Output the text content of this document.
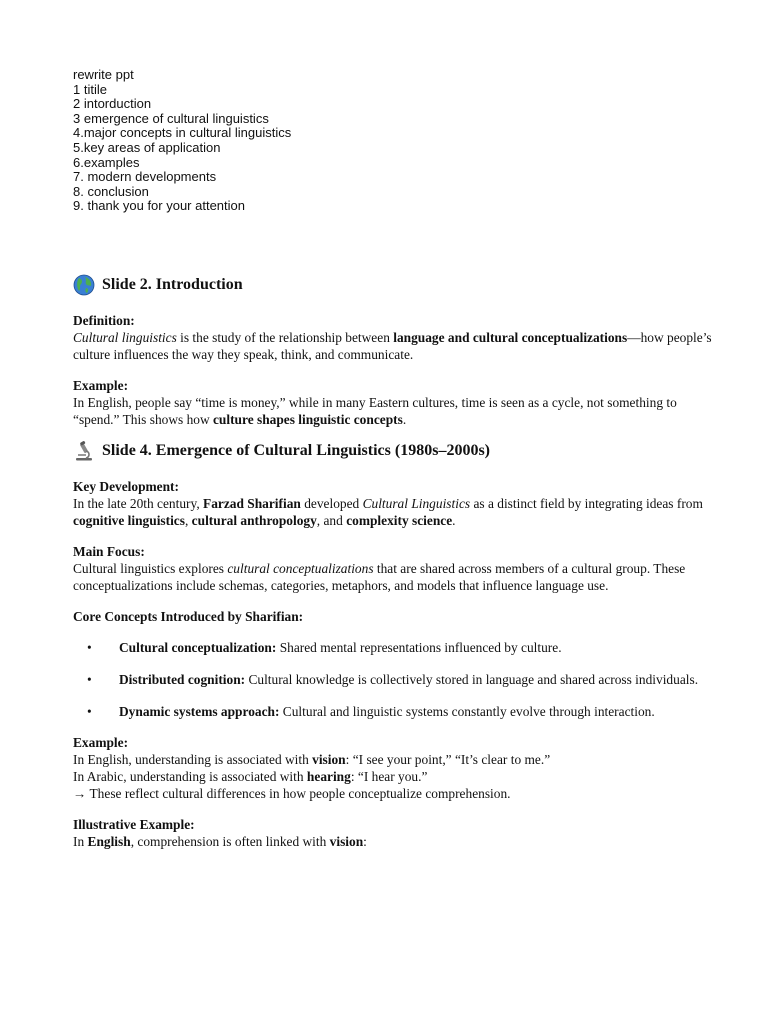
rewrite ppt
1 titile
2 intorduction
3 emergence of cultural linguistics
4.major concepts in cultural linguistics
5.key areas of application
6.examples
7. modern developments
8. conclusion
9. thank you for your attention
Slide 2. Introduction
Definition:

Cultural linguistics is the study of the relationship between language and cultural conceptualizations—how people’s culture influences the way they speak, think, and communicate.

Example:

In English, people say “time is money,” while in many Eastern cultures, time is seen as a cycle, not something to “spend.” This shows how culture shapes linguistic concepts.

Slide 4. Emergence of Cultural Linguistics (1980s–2000s)
Key Development:

In the late 20th century, Farzad Sharifian developed Cultural Linguistics as a distinct field by integrating ideas from cognitive linguistics, cultural anthropology, and complexity science.

Main Focus:

Cultural linguistics explores cultural conceptualizations that are shared across members of a cultural group. These conceptualizations include schemas, categories, metaphors, and models that influence language use.

Core Concepts Introduced by Sharifian:
•	Cultural conceptualization: Shared mental representations influenced by culture.
•	Distributed cognition: Cultural knowledge is collectively stored in language and shared across individuals.
•	Dynamic systems approach: Cultural and linguistic systems constantly evolve through interaction.
Example:

In English, understanding is associated with vision: “I see your point,” “It’s clear to me.”

In Arabic, understanding is associated with hearing: “I hear you.”

→ These reflect cultural differences in how people conceptualize comprehension.

Illustrative Example:

In English, comprehension is often linked with vision:
